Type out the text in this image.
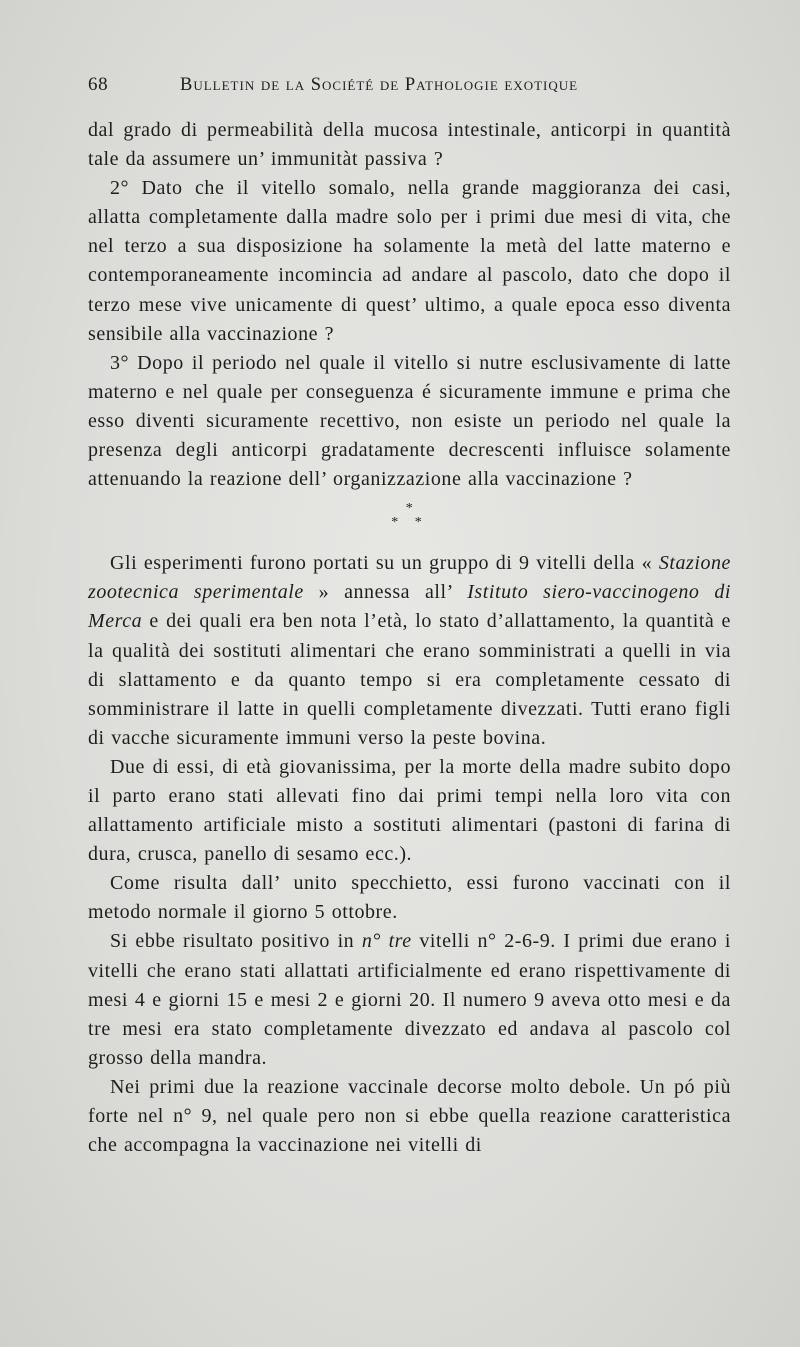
68	Bulletin de la Société de Pathologie exotique

dal grado di permeabilità della mucosa intestinale, anticorpi in quantità tale da assumere un’ immunitàt passiva ?

2° Dato che il vitello somalo, nella grande maggioranza dei casi, allatta completamente dalla madre solo per i primi due mesi di vita, che nel terzo a sua disposizione ha solamente la metà del latte materno e contemporaneamente incomincia ad andare al pascolo, dato che dopo il terzo mese vive unicamente di quest’ ultimo, a quale epoca esso diventa sensibile alla vaccinazione ?

3° Dopo il periodo nel quale il vitello si nutre esclusivamente di latte materno e nel quale per conseguenza é sicuramente immune e prima che esso diventi sicuramente recettivo, non esiste un periodo nel quale la presenza degli anticorpi gradatamente decrescenti influisce solamente attenuando la reazione dell’ organizzazione alla vaccinazione ?

*
* *

Gli esperimenti furono portati su un gruppo di 9 vitelli della « Stazione zootecnica sperimentale » annessa all’ Istituto siero-vaccinogeno di Merca e dei quali era ben nota l’età, lo stato d’allattamento, la quantità e la qualità dei sostituti alimentari che erano somministrati a quelli in via di slattamento e da quanto tempo si era completamente cessato di somministrare il latte in quelli completamente divezzati. Tutti erano figli di vacche sicuramente immuni verso la peste bovina.

Due di essi, di età giovanissima, per la morte della madre subito dopo il parto erano stati allevati fino dai primi tempi nella loro vita con allattamento artificiale misto a sostituti alimentari (pastoni di farina di dura, crusca, panello di sesamo ecc.).

Come risulta dall’ unito specchietto, essi furono vaccinati con il metodo normale il giorno 5 ottobre.

Si ebbe risultato positivo in n° tre vitelli n° 2-6-9. I primi due erano i vitelli che erano stati allattati artificialmente ed erano rispettivamente di mesi 4 e giorni 15 e mesi 2 e giorni 20. Il numero 9 aveva otto mesi e da tre mesi era stato completamente divezzato ed andava al pascolo col grosso della mandra.

Nei primi due la reazione vaccinale decorse molto debole. Un pó più forte nel n° 9, nel quale pero non si ebbe quella reazione caratteristica che accompagna la vaccinazione nei vitelli di
